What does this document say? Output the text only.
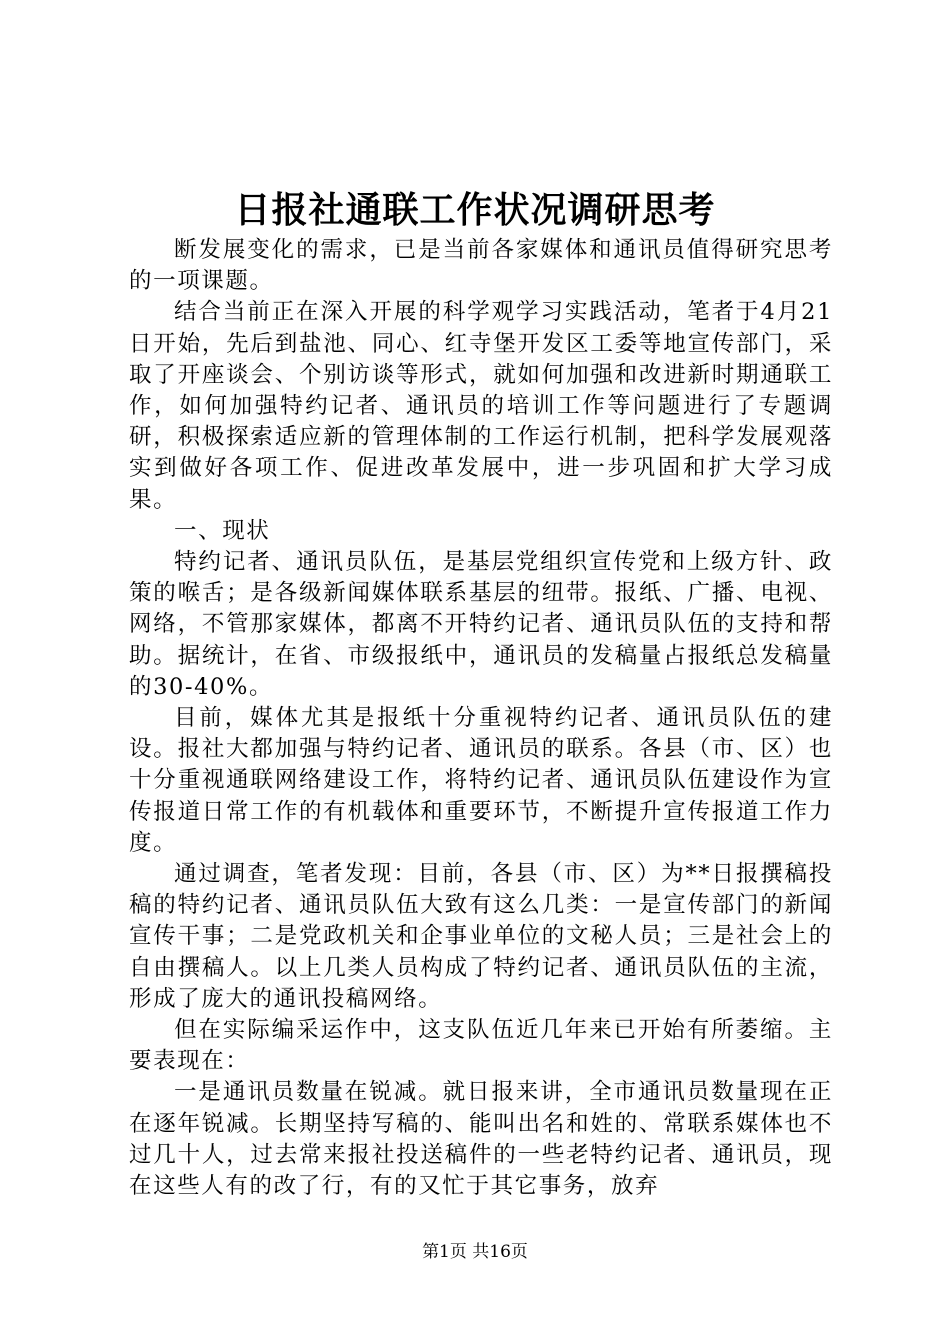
日报社通联工作状况调研思考

断发展变化的需求，已是当前各家媒体和通讯员值得研究思考的一项课题。

结合当前正在深入开展的科学观学习实践活动，笔者于4月21日开始，先后到盐池、同心、红寺堡开发区工委等地宣传部门，采取了开座谈会、个别访谈等形式，就如何加强和改进新时期通联工作，如何加强特约记者、通讯员的培训工作等问题进行了专题调研，积极探索适应新的管理体制的工作运行机制，把科学发展观落实到做好各项工作、促进改革发展中，进一步巩固和扩大学习成果。

一、现状

特约记者、通讯员队伍，是基层党组织宣传党和上级方针、政策的喉舌；是各级新闻媒体联系基层的纽带。报纸、广播、电视、网络，不管那家媒体，都离不开特约记者、通讯员队伍的支持和帮助。据统计，在省、市级报纸中，通讯员的发稿量占报纸总发稿量的30-40%。

目前，媒体尤其是报纸十分重视特约记者、通讯员队伍的建设。报社大都加强与特约记者、通讯员的联系。各县（市、区）也十分重视通联网络建设工作，将特约记者、通讯员队伍建设作为宣传报道日常工作的有机载体和重要环节，不断提升宣传报道工作力度。

通过调查，笔者发现：目前，各县（市、区）为**日报撰稿投稿的特约记者、通讯员队伍大致有这么几类：一是宣传部门的新闻宣传干事；二是党政机关和企事业单位的文秘人员；三是社会上的自由撰稿人。以上几类人员构成了特约记者、通讯员队伍的主流，形成了庞大的通讯投稿网络。

但在实际编采运作中，这支队伍近几年来已开始有所萎缩。主要表现在：

一是通讯员数量在锐减。就日报来讲，全市通讯员数量现在正在逐年锐减。长期坚持写稿的、能叫出名和姓的、常联系媒体也不过几十人，过去常来报社投送稿件的一些老特约记者、通讯员，现在这些人有的改了行，有的又忙于其它事务，放弃

第1页 共16页
